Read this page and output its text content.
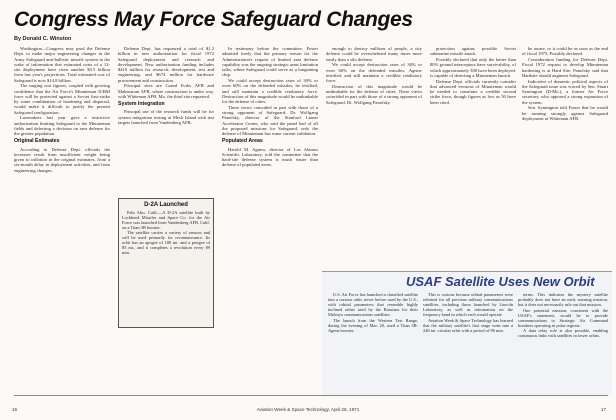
Congress May Force Safeguard Changes
By Donald C. Winston

Washington—Congress may prod the Defense Dept. to make major engineering changes in the Army Safeguard anti-ballistic missile system in the wake of information that estimated costs of a 12-site deployment have risen another $3.5 billion from last year's projections. Total estimated cost of Safeguard is now $14.8 billion.

The surging cost figures, coupled with growing confidence that the Air Force's Minuteman ICBM force will be protected against a Soviet first-strike by some combination of hardening and dispersal, would make it difficult to justify the present Safeguard configuration.

Lawmakers last year gave a restrictive authorization limiting Safeguard to the Minuteman fields and deferring a decision on area defense for the greater population.

Original Estimates

According to Defense Dept. officials the increases result from insufficient weight being given to inflation in the original estimates, from a six-month delay in deployment activities, and from engineering changes.

Defense Dept. has requested a total of $1.2 billion in new authorization for fiscal 1972 Safeguard deployment and research and development. New authorization funding includes $410 million for research, development, test and engineering, and $674 million for hardware procurement and construction.

Principal sites are Grand Forks AFB and Malmstrom AFB, where construction is under way, with Whiteman AFB, Mo. the third site requested.

System Integration

Principal use of the research funds will be for system integration testing at Meck Island with test targets launched from Vandenberg AFB.

D-2A Launched

Palo Alto, Calif.—A D-2A satellite built by Lockheed Missiles and Space Co. for the Air Force was launched from Vandenberg AFB, Calif. on a Titan 3B booster.

The satellite carries a variety of sensors and will be used primarily for reconnaissance. Its orbit has an apogee of 180 mi. and a perigee of 85 mi., and it completes a revolution every 89 min.

In testimony before the committee, Foster admitted freely that the primary reason for the Administration's request of limited area defense capability was the ongoing strategic arms limitation talks, where Safeguard could serve as a bargaining chip.

We could accept destruction rates of 30% or even 60% on the defended missiles, he testified, and still maintain a credible retaliatory force. Destruction of this magnitude would be unthinkable for the defense of cities.

These views coincided in part with those of a strong opponent of Safeguard, Dr. Wolfgang Panofsky, director of the Stanford Linear Accelerator Center, who said the panel had of all the proposed missions for Safeguard, only the defense of Minuteman has some current validation.

Populated Areas

Harold M. Agnew, director of Los Alamos Scientific Laboratory, told the committee that the hard-site defense system is much easier than defense of populated areas.

enough to destroy millions of people, a city defense could be overwhelmed many times more easily than a silo defense.

We could accept destruction rates of 30% or even 60% on the defended missiles, Agnew testified, and still maintain a credible retaliatory force.

Destruction of this magnitude would be unthinkable for the defense of cities. These views coincided in part with those of a strong opponent of Safeguard, Dr. Wolfgang Panofsky.

protection against possible Soviet submarine missile attack.

Possibly declared that only the better than 80% ground interceptors have survivability, of which approximately 300 have been deployed, is capable of detecting a Minuteman launch.

Defense Dept. officials currently consider that advanced versions of Minuteman would be needed to constitute a credible second strike force, though figures as low as 50 have been cited.

be aware, or it could be as soon as the end of fiscal 1975, Possibly declared.

Consideration funding for Defense Dept. Fiscal 1972 request to develop Minuteman hardening is at Hard Site; Panofsky said that Hardsite should augment Safeguard.

Indicative of domestic political aspects of the Safeguard issue was voiced by Sen. Stuart Symington (D-Mo.), a former Air Force secretary, who opposed a strong expansion of the system.

Sen. Symington told Foster that he would be running strongly against Safeguard deployment at Whiteman AFB.

USAF Satellite Uses New Orbit

U.S. Air Force has launched a classified satellite into a curious orbit, never before used by the U.S., with orbital parameters that resemble highly inclined orbits used by the Russians for their Molniya communications satellites.

The launch from the Western Test Range, during the evening of Mar. 20, used a Titan 3B-Agena booster.

This is curious because orbital parameters were released for all previous military communications satellites, including those launched by Lincoln Laboratory, as well as information on the frequency band in which each would operate.

Aviation Week & Space Technology has learned that the military satellite's first stage went into a 248 mi. circular orbit with a period of 96 min.

terms. This indicates the mystery satellite probably does not have an early warning mission, but it does not necessarily rule out that mission.

One potential mission, consistent with the USAF's statement, would be to provide communications to Strategic Air Command bombers operating in polar regions.

A data relay role is also possible, enabling continuous links with satellites in lower orbits.

16	Aviation Week & Space Technology, April 26, 1971	17
